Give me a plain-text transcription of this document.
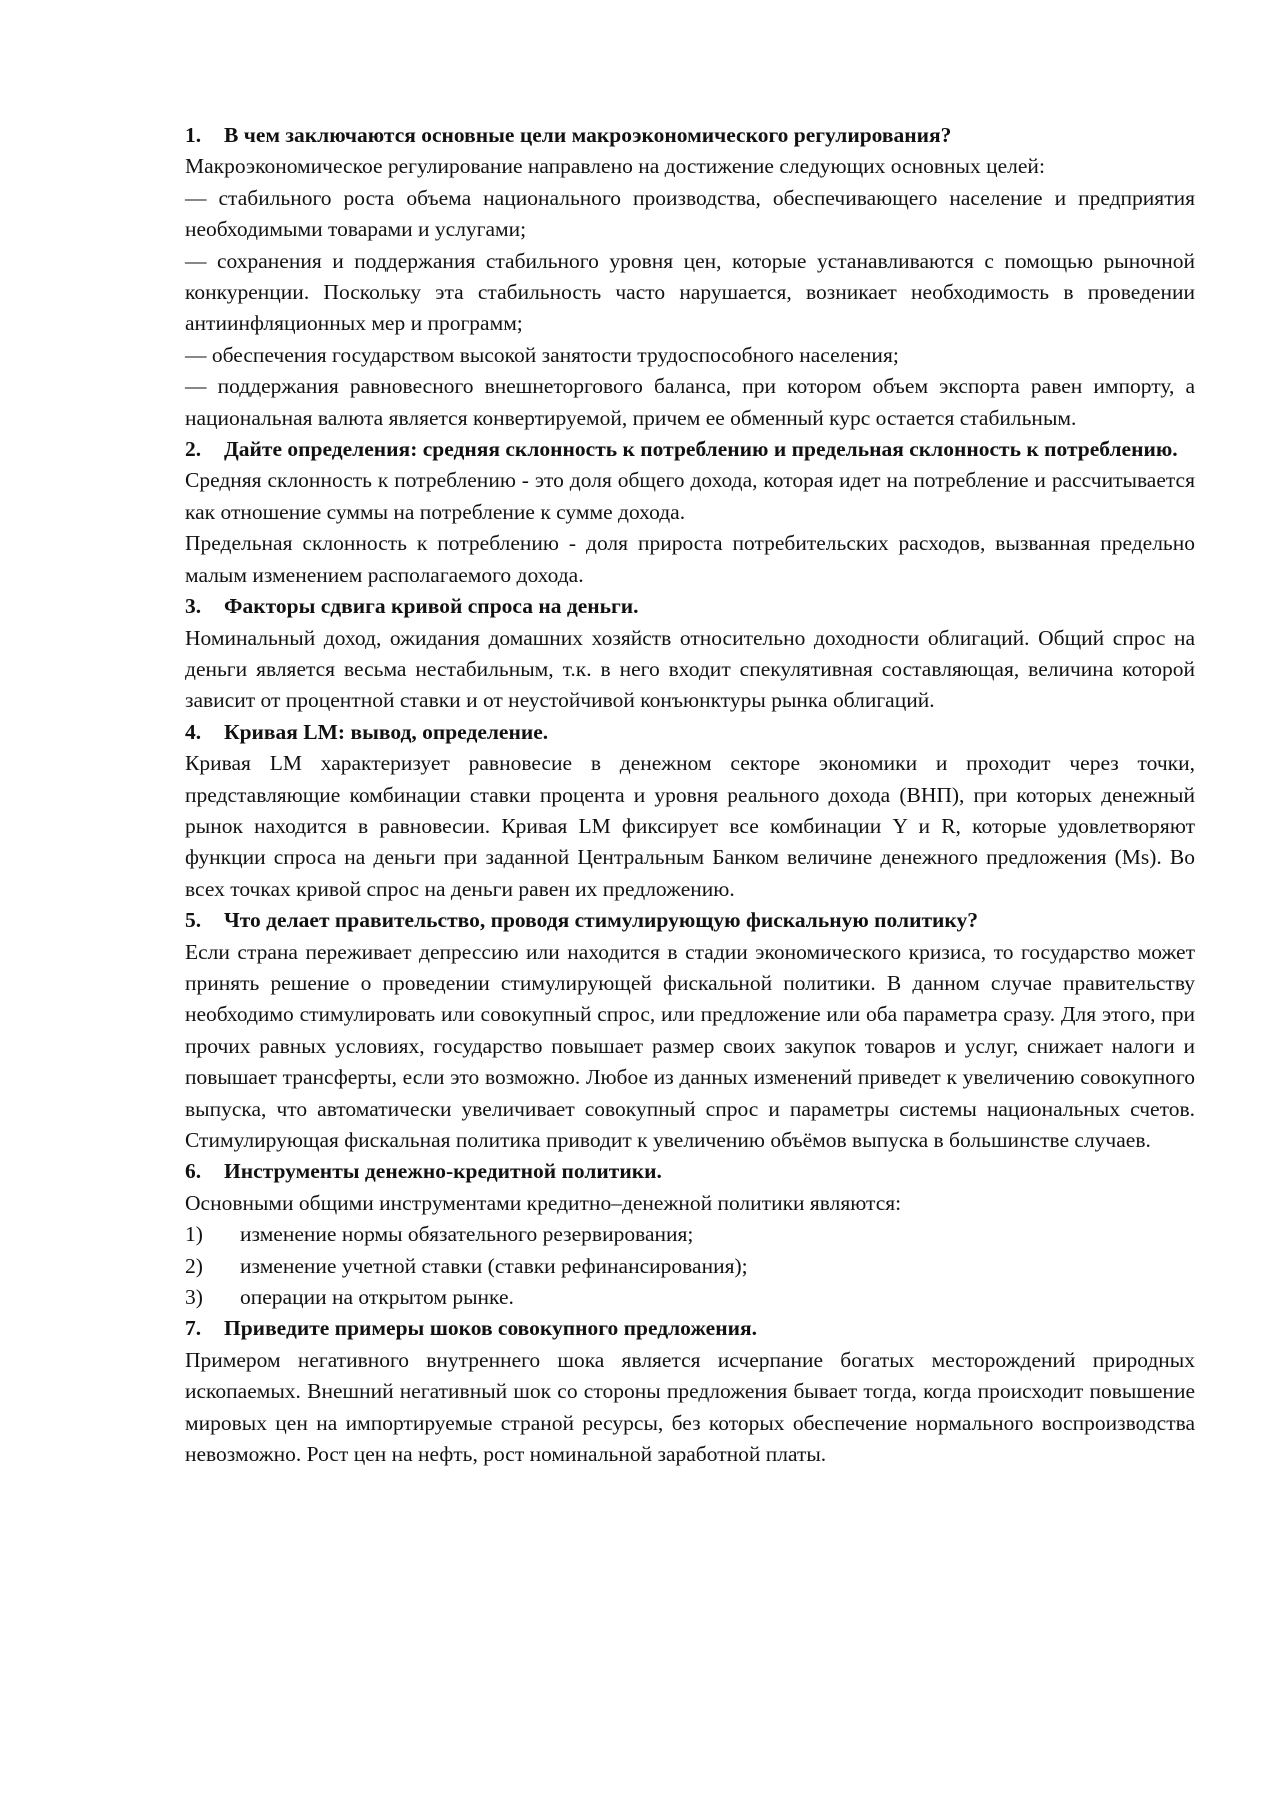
1.	В чем заключаются основные цели макроэкономического регулирования?

Макроэкономическое регулирование направлено на достижение следующих основных целей:

— стабильного роста объема национального производства, обеспечивающего население и предприятия необходимыми товарами и услугами;

— сохранения и поддержания стабильного уровня цен, которые устанавливаются с помощью рыночной конкуренции. Поскольку эта стабильность часто нарушается, возникает необходимость в проведении антиинфляционных мер и программ;

— обеспечения государством высокой занятости трудоспособного населения;

— поддержания равновесного внешнеторгового баланса, при котором объем экспорта равен импорту, а национальная валюта является конвертируемой, причем ее обменный курс остается стабильным.

2.	Дайте определения: средняя склонность к потреблению и предельная склонность к потреблению.

Средняя склонность к потреблению - это доля общего дохода, которая идет на потребление и рассчитывается как отношение суммы на потребление к сумме дохода.

Предельная склонность к потреблению - доля прироста потребительских расходов, вызванная предельно малым изменением располагаемого дохода.

3.	Факторы сдвига кривой спроса на деньги.

Номинальный доход, ожидания домашних хозяйств относительно доходности облигаций. Общий спрос на деньги является весьма нестабильным, т.к. в него входит спекулятивная составляющая, величина которой зависит от процентной ставки и от неустойчивой конъюнктуры рынка облигаций.

4.	Кривая LM: вывод, определение.

Кривая LM характеризует равновесие в денежном секторе экономики и проходит через точки, представляющие комбинации ставки процента и уровня реального дохода (ВНП), при которых денежный рынок находится в равновесии. Кривая LM фиксирует все комбинации Y и R, которые удовлетворяют функции спроса на деньги при заданной Центральным Банком величине денежного предложения (Ms). Во всех точках кривой спрос на деньги равен их предложению.

5.	Что делает правительство, проводя стимулирующую фискальную политику?

Если страна переживает депрессию или находится в стадии экономического кризиса, то государство может принять решение о проведении стимулирующей фискальной политики. В данном случае правительству необходимо стимулировать или совокупный спрос, или предложение или оба параметра сразу. Для этого, при прочих равных условиях, государство повышает размер своих закупок товаров и услуг, снижает налоги и повышает трансферты, если это возможно. Любое из данных изменений приведет к увеличению совокупного выпуска, что автоматически увеличивает совокупный спрос и параметры системы национальных счетов. Стимулирующая фискальная политика приводит к увеличению объёмов выпуска в большинстве случаев.

6.	Инструменты денежно-кредитной политики.

Основными общими инструментами кредитно–денежной политики являются:

1)	изменение нормы обязательного резервирования;
2)	изменение учетной ставки (ставки рефинансирования);
3)	операции на открытом рынке.
7.	Приведите примеры шоков совокупного предложения.

Примером негативного внутреннего шока является исчерпание богатых месторождений природных ископаемых. Внешний негативный шок со стороны предложения бывает тогда, когда происходит повышение мировых цен на импортируемые страной ресурсы, без которых обеспечение нормального воспроизводства невозможно. Рост цен на нефть, рост номинальной заработной платы.
